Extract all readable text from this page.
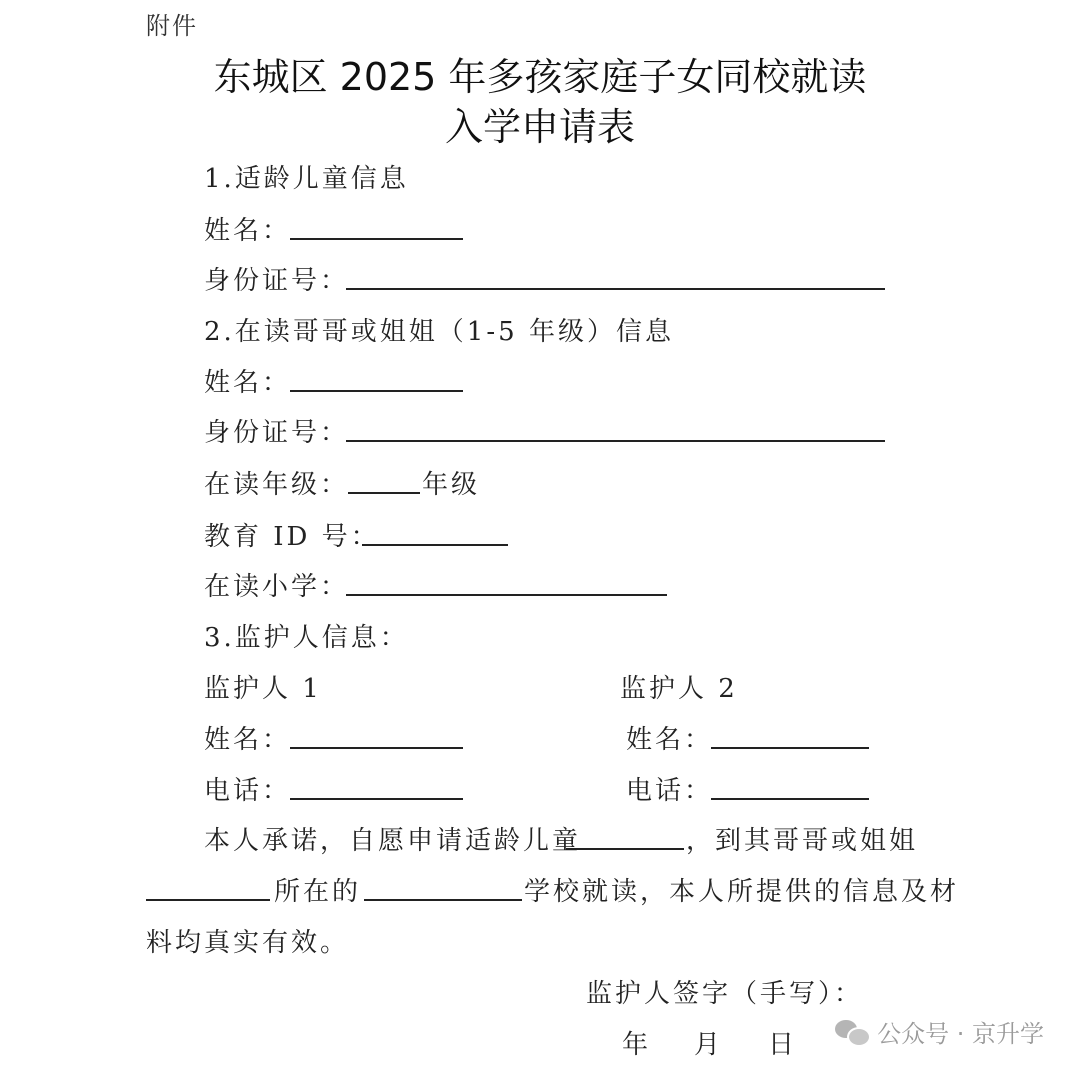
附件
东城区 2025 年多孩家庭子女同校就读
入学申请表
1.适龄儿童信息
姓名：
身份证号：
2.在读哥哥或姐姐（1-5 年级）信息
姓名：
身份证号：
在读年级：	年级
教育 ID 号：
在读小学：
3.监护人信息：
监护人 1	监护人 2
姓名：	姓名：
电话：	电话：
本人承诺，自愿申请适龄儿童	，到其哥哥或姐姐
所在的	学校就读，本人所提供的信息及材
料均真实有效。
监护人签字（手写）：
年 月 日	公众号 · 京升学
